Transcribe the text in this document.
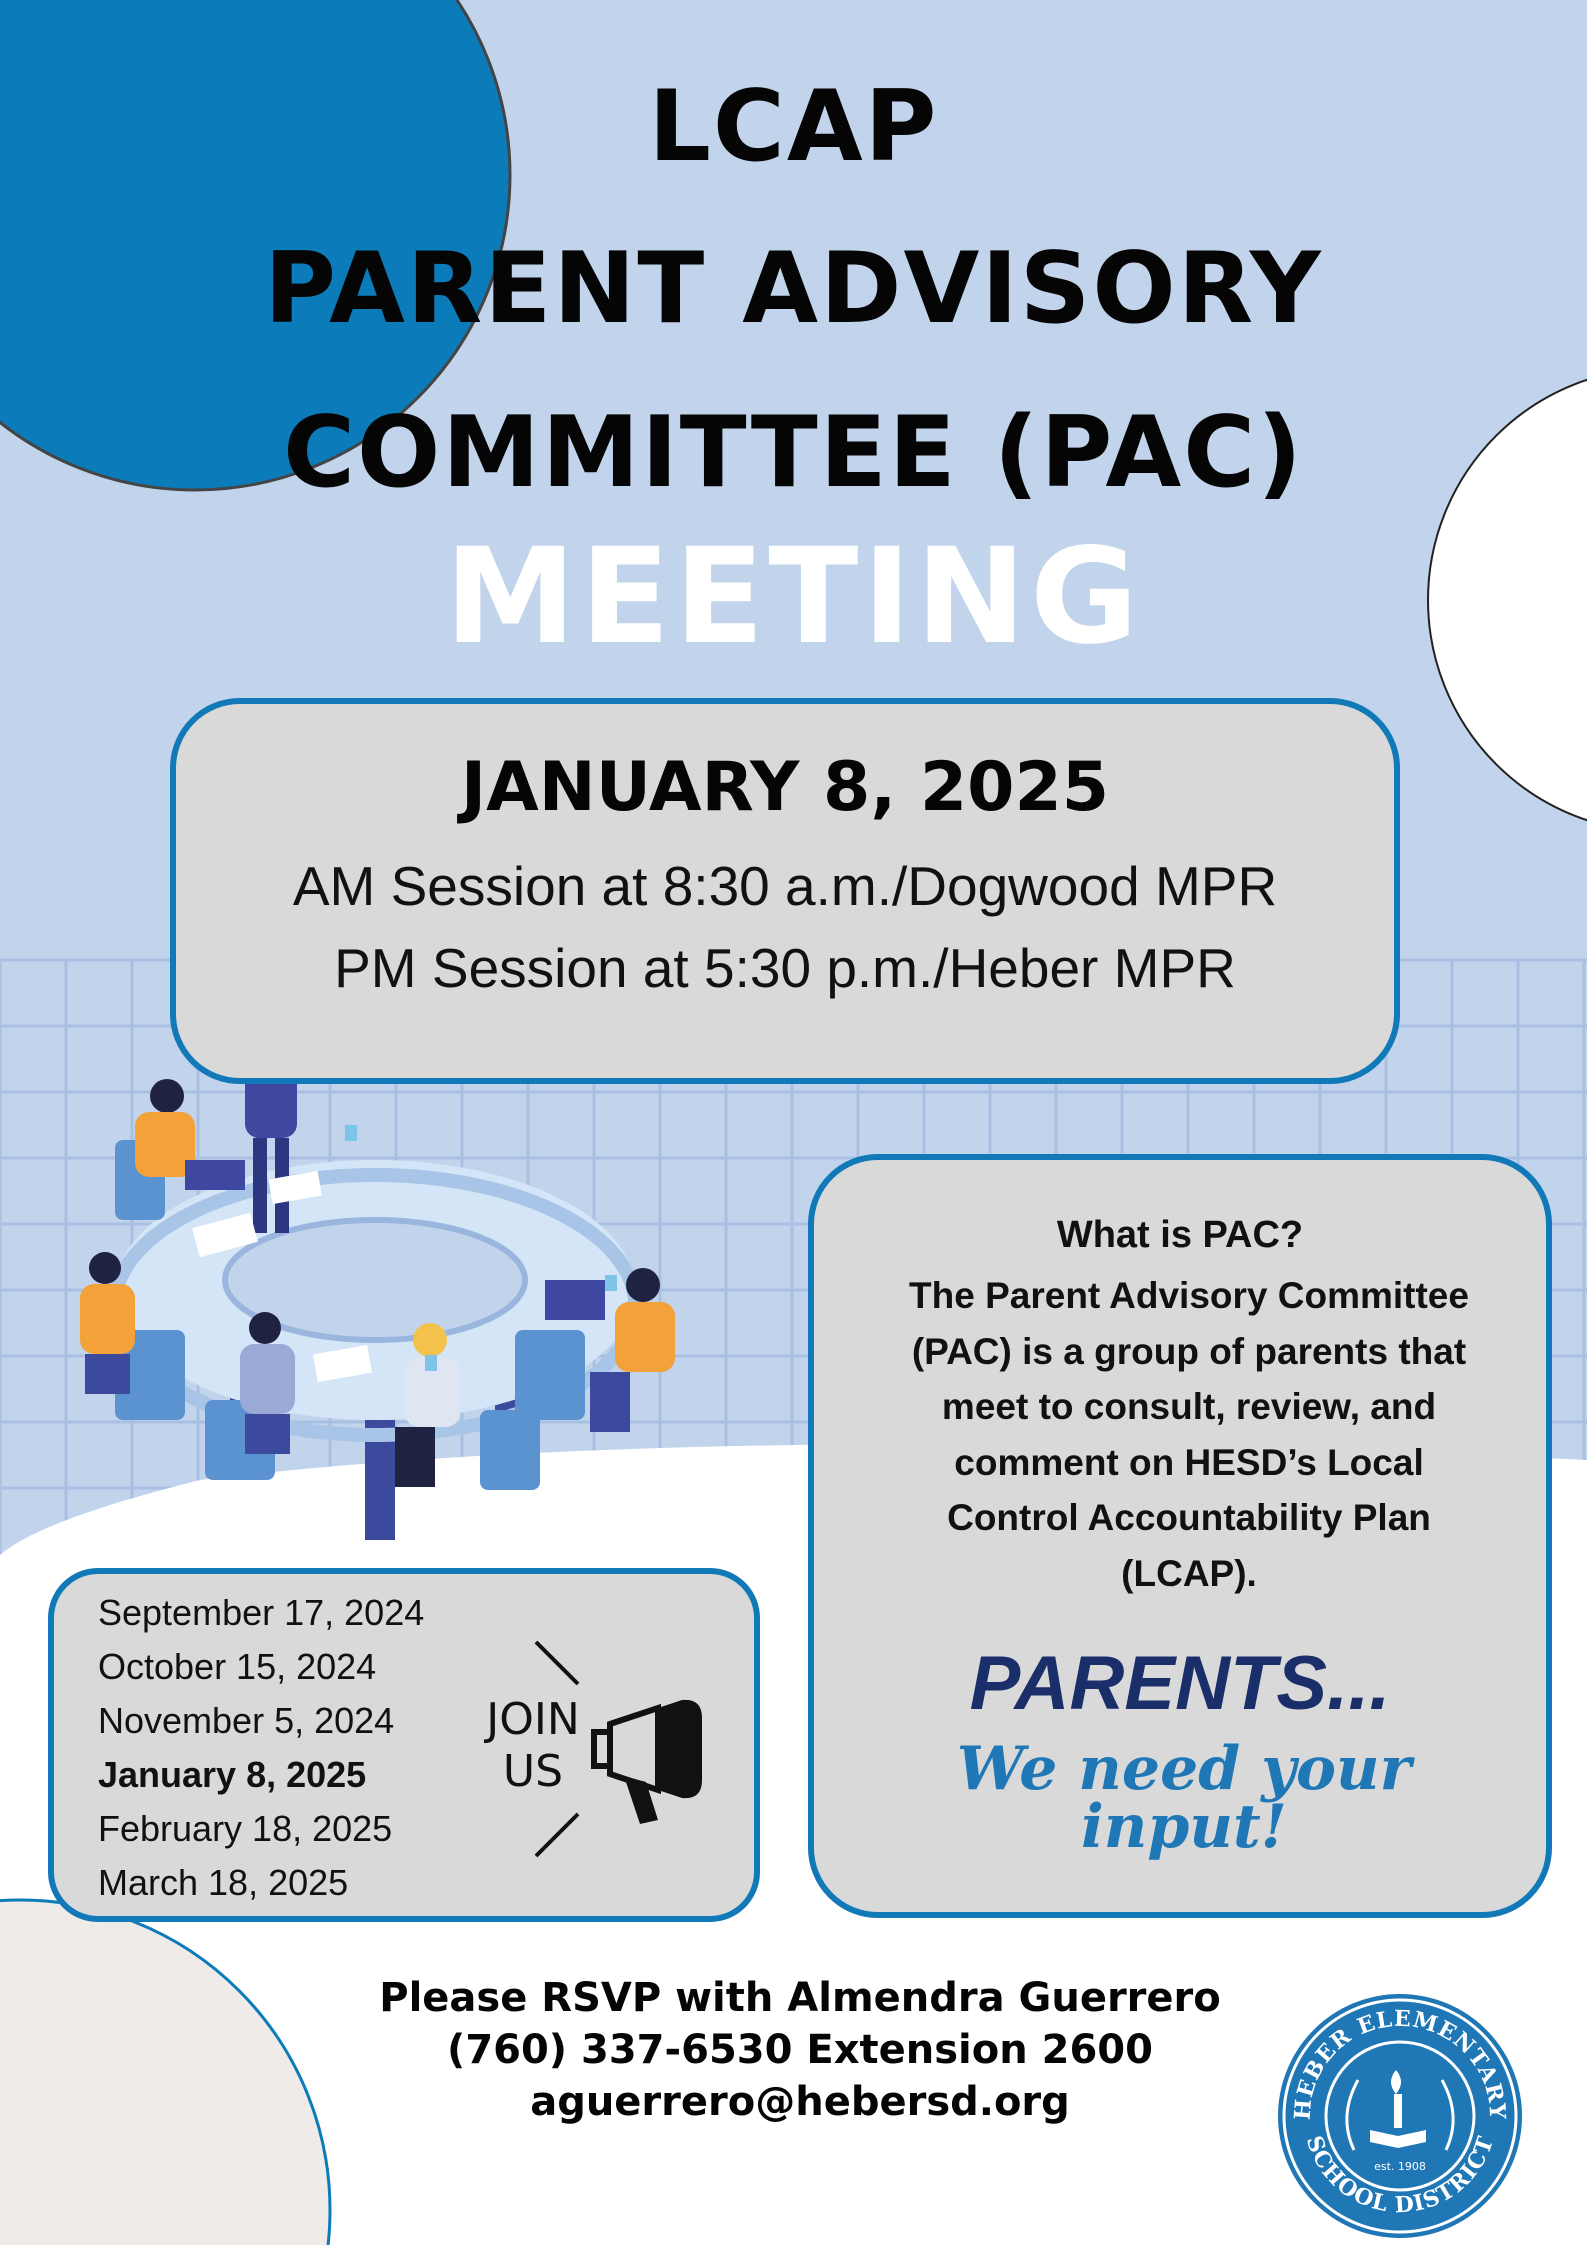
LCAP
PARENT ADVISORY
COMMITTEE (PAC)
MEETING
JANUARY 8, 2025
AM Session at 8:30 a.m./Dogwood MPR
PM Session at 5:30 p.m./Heber MPR
What is PAC?
The Parent Advisory Committee (PAC) is a group of parents that meet to consult, review, and comment on HESD’s Local Control Accountability Plan (LCAP).
PARENTS...
We need your input!
September 17, 2024
October 15, 2024
November 5, 2024
January 8, 2025
February 18, 2025
March 18, 2025
JOIN
US
Please RSVP with Almendra Guerrero
(760) 337-6530 Extension 2600
aguerrero@hebersd.org	HEBER ELEMENTARY
SCHOOL DISTRICT
est. 1908
